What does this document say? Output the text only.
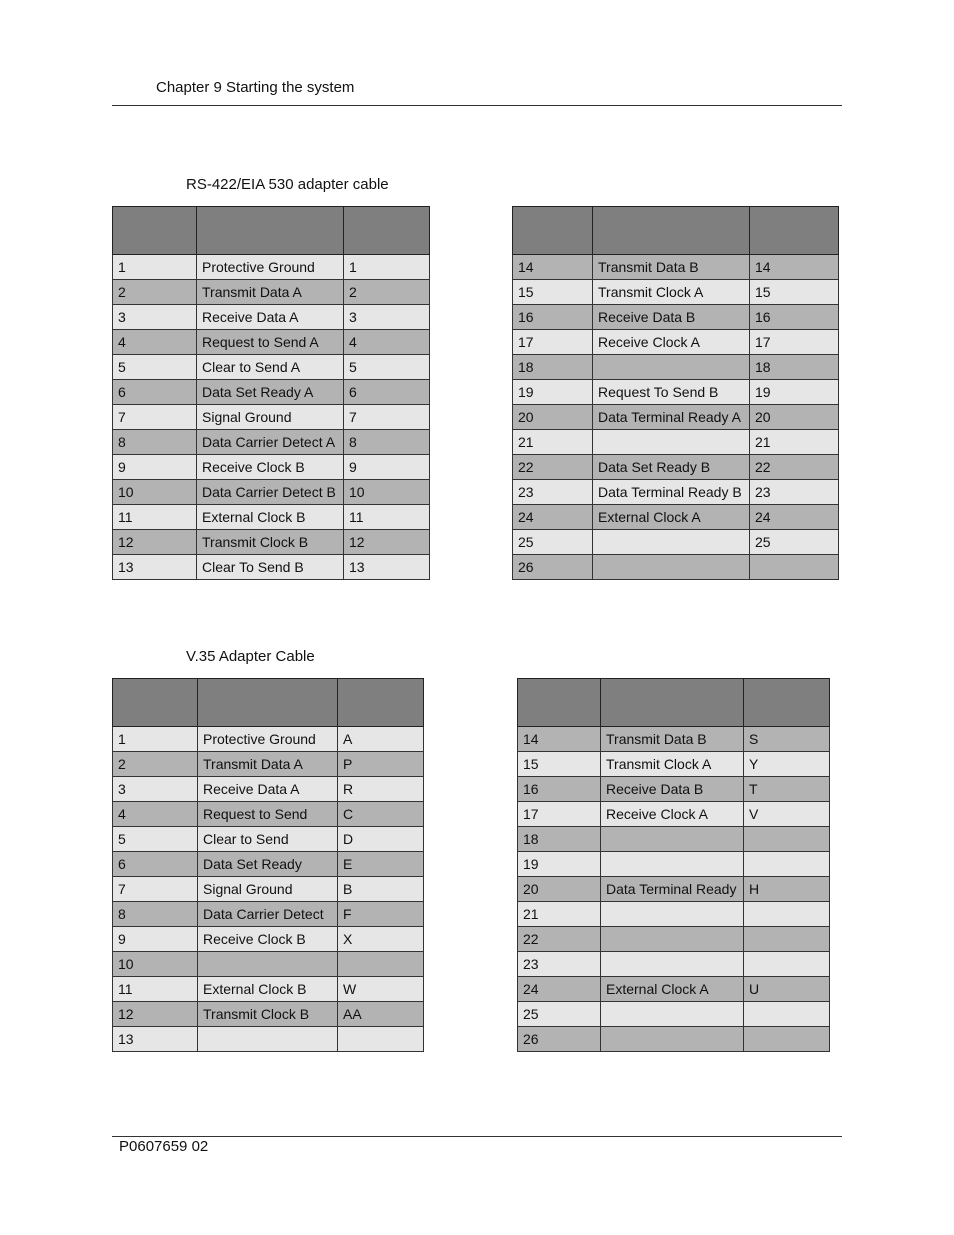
Chapter 9 Starting the system
RS-422/EIA 530 adapter cable

1	Protective Ground	1
2	Transmit Data A	2
3	Receive Data A	3
4	Request to Send A	4
5	Clear to Send A	5
6	Data Set Ready A	6
7	Signal Ground	7
8	Data Carrier Detect A	8
9	Receive Clock B	9
10	Data Carrier Detect B	10
11	External Clock B	11
12	Transmit Clock B	12
13	Clear To Send B	13

14	Transmit Data B	14
15	Transmit Clock A	15
16	Receive Data B	16
17	Receive Clock A	17
18		18
19	Request To Send B	19
20	Data Terminal Ready A	20
21		21
22	Data Set Ready B	22
23	Data Terminal Ready B	23
24	External Clock A	24
25		25
26		
V.35 Adapter Cable

1	Protective Ground	A
2	Transmit Data A	P
3	Receive Data A	R
4	Request to Send	C
5	Clear to Send	D
6	Data Set Ready	E
7	Signal Ground	B
8	Data Carrier Detect	F
9	Receive Clock B	X
10		
11	External Clock B	W
12	Transmit Clock B	AA
13		

14	Transmit Data B	S
15	Transmit Clock A	Y
16	Receive Data B	T
17	Receive Clock A	V
18		
19		
20	Data Terminal Ready	H
21		
22		
23		
24	External Clock A	U
25		
26		
P0607659 02
